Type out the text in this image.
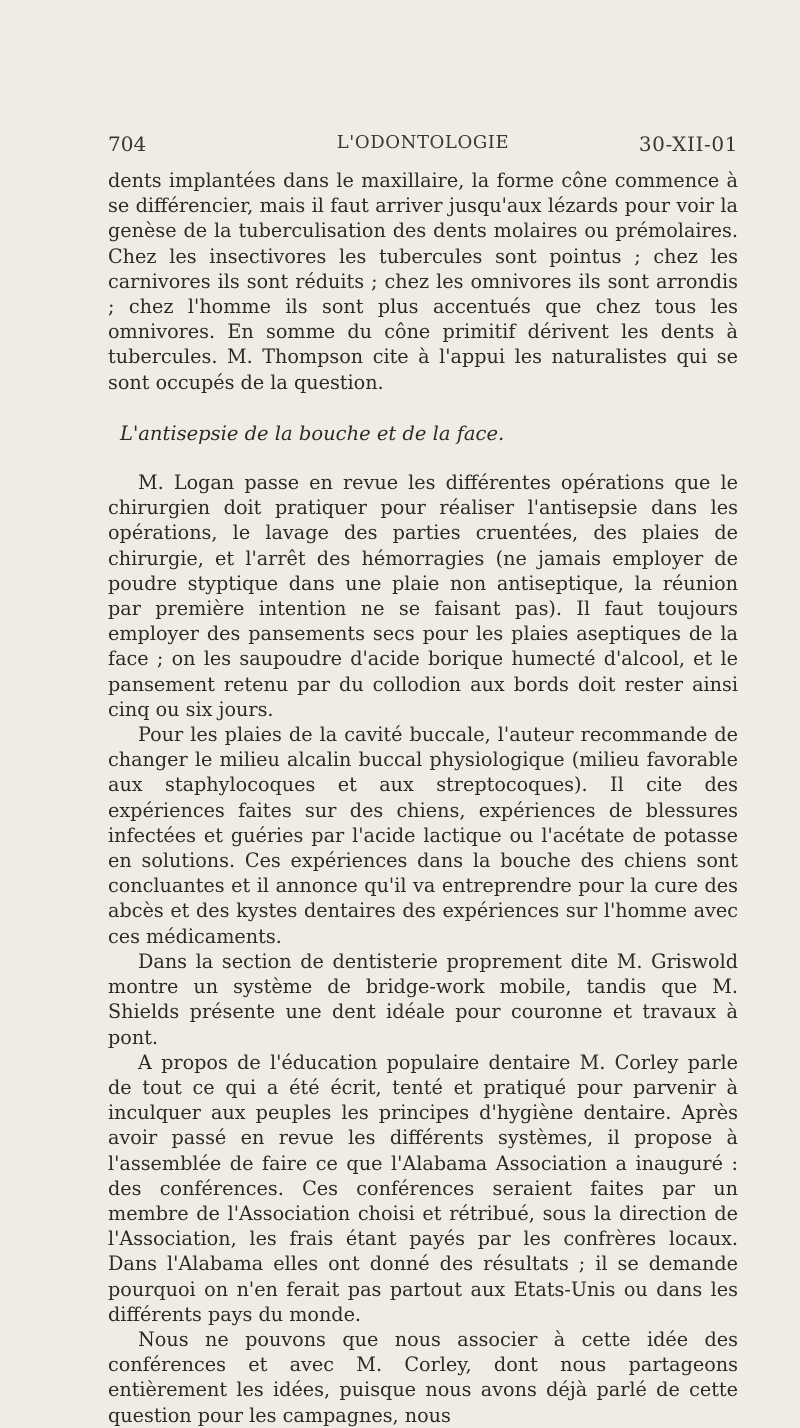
704	L'ODONTOLOGIE	30-XII-01

dents implantées dans le maxillaire, la forme cône commence à se différencier, mais il faut arriver jusqu'aux lézards pour voir la genèse de la tuberculisation des dents molaires ou prémolaires. Chez les insectivores les tubercules sont pointus ; chez les carnivores ils sont réduits ; chez les omnivores ils sont arrondis ; chez l'homme ils sont plus accentués que chez tous les omnivores. En somme du cône primitif dérivent les dents à tubercules. M. Thompson cite à l'appui les naturalistes qui se sont occupés de la question.

L'antisepsie de la bouche et de la face.

M. Logan passe en revue les différentes opérations que le chirurgien doit pratiquer pour réaliser l'antisepsie dans les opérations, le lavage des parties cruentées, des plaies de chirurgie, et l'arrêt des hémorragies (ne jamais employer de poudre styptique dans une plaie non antiseptique, la réunion par première intention ne se faisant pas). Il faut toujours employer des pansements secs pour les plaies aseptiques de la face ; on les saupoudre d'acide borique humecté d'alcool, et le pansement retenu par du collodion aux bords doit rester ainsi cinq ou six jours.

Pour les plaies de la cavité buccale, l'auteur recommande de changer le milieu alcalin buccal physiologique (milieu favorable aux staphylocoques et aux streptocoques). Il cite des expériences faites sur des chiens, expériences de blessures infectées et guéries par l'acide lactique ou l'acétate de potasse en solutions. Ces expériences dans la bouche des chiens sont concluantes et il annonce qu'il va entreprendre pour la cure des abcès et des kystes dentaires des expériences sur l'homme avec ces médicaments.

Dans la section de dentisterie proprement dite M. Griswold montre un système de bridge-work mobile, tandis que M. Shields présente une dent idéale pour couronne et travaux à pont.

A propos de l'éducation populaire dentaire M. Corley parle de tout ce qui a été écrit, tenté et pratiqué pour parvenir à inculquer aux peuples les principes d'hygiène dentaire. Après avoir passé en revue les différents systèmes, il propose à l'assemblée de faire ce que l'Alabama Association a inauguré : des conférences. Ces conférences seraient faites par un membre de l'Association choisi et rétribué, sous la direction de l'Association, les frais étant payés par les confrères locaux. Dans l'Alabama elles ont donné des résultats ; il se demande pourquoi on n'en ferait pas partout aux Etats-Unis ou dans les différents pays du monde.

Nous ne pouvons que nous associer à cette idée des conférences et avec M. Corley, dont nous partageons entièrement les idées, puisque nous avons déjà parlé de cette question pour les campagnes, nous
